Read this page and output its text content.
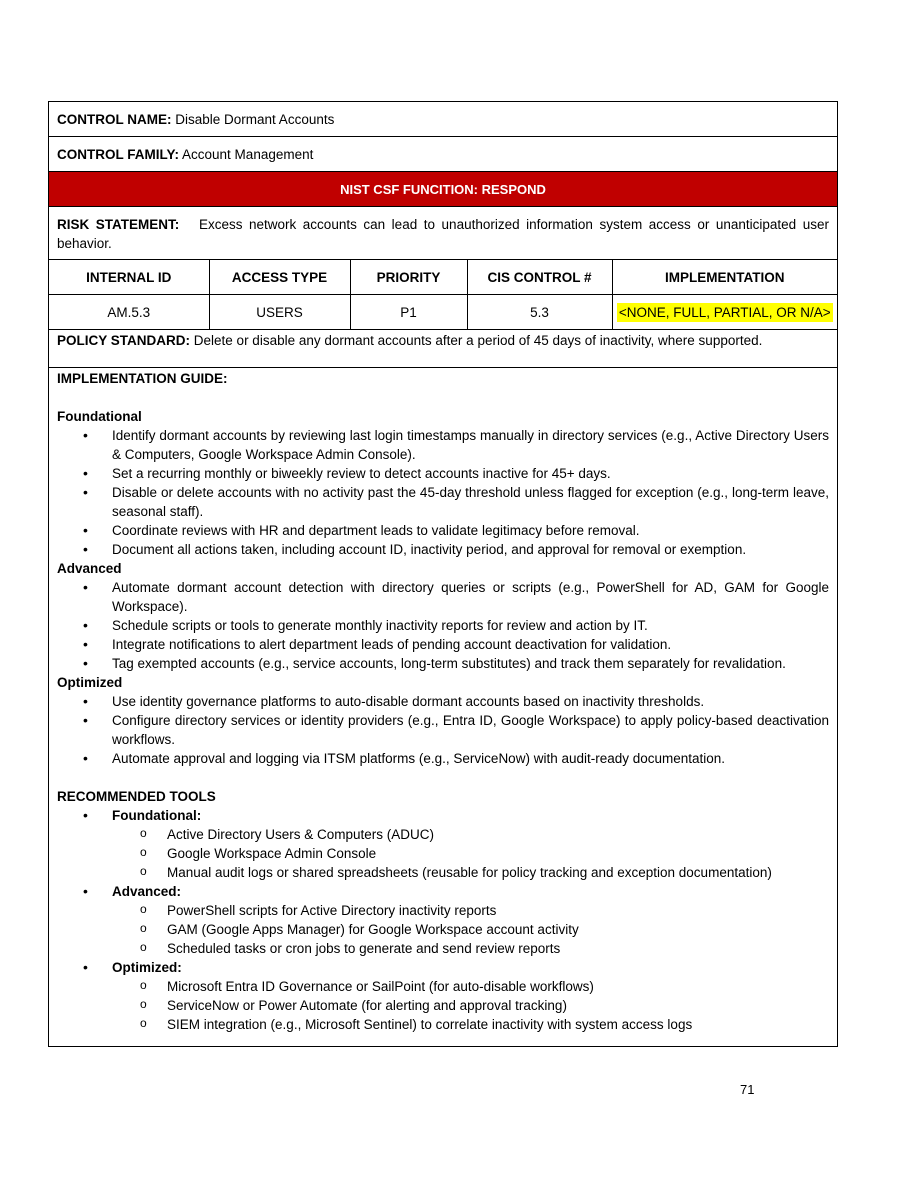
CONTROL NAME: Disable Dormant Accounts
CONTROL FAMILY: Account Management
NIST CSF FUNCITION: RESPOND
RISK STATEMENT: Excess network accounts can lead to unauthorized information system access or unanticipated user behavior.
INTERNAL ID	ACCESS TYPE	PRIORITY	CIS CONTROL #	IMPLEMENTATION
AM.5.3	USERS	P1	5.3	<NONE, FULL, PARTIAL, OR N/A>
POLICY STANDARD: Delete or disable any dormant accounts after a period of 45 days of inactivity, where supported.
IMPLEMENTATION GUIDE:
Foundational
• Identify dormant accounts by reviewing last login timestamps manually in directory services (e.g., Active Directory Users & Computers, Google Workspace Admin Console).
• Set a recurring monthly or biweekly review to detect accounts inactive for 45+ days.
• Disable or delete accounts with no activity past the 45-day threshold unless flagged for exception (e.g., long-term leave, seasonal staff).
• Coordinate reviews with HR and department leads to validate legitimacy before removal.
• Document all actions taken, including account ID, inactivity period, and approval for removal or exemption.
Advanced
• Automate dormant account detection with directory queries or scripts (e.g., PowerShell for AD, GAM for Google Workspace).
• Schedule scripts or tools to generate monthly inactivity reports for review and action by IT.
• Integrate notifications to alert department leads of pending account deactivation for validation.
• Tag exempted accounts (e.g., service accounts, long-term substitutes) and track them separately for revalidation.
Optimized
• Use identity governance platforms to auto-disable dormant accounts based on inactivity thresholds.
• Configure directory services or identity providers (e.g., Entra ID, Google Workspace) to apply policy-based deactivation workflows.
• Automate approval and logging via ITSM platforms (e.g., ServiceNow) with audit-ready documentation.
RECOMMENDED TOOLS
• Foundational:
o Active Directory Users & Computers (ADUC)
o Google Workspace Admin Console
o Manual audit logs or shared spreadsheets (reusable for policy tracking and exception documentation)
• Advanced:
o PowerShell scripts for Active Directory inactivity reports
o GAM (Google Apps Manager) for Google Workspace account activity
o Scheduled tasks or cron jobs to generate and send review reports
• Optimized:
o Microsoft Entra ID Governance or SailPoint (for auto-disable workflows)
o ServiceNow or Power Automate (for alerting and approval tracking)
o SIEM integration (e.g., Microsoft Sentinel) to correlate inactivity with system access logs
71
